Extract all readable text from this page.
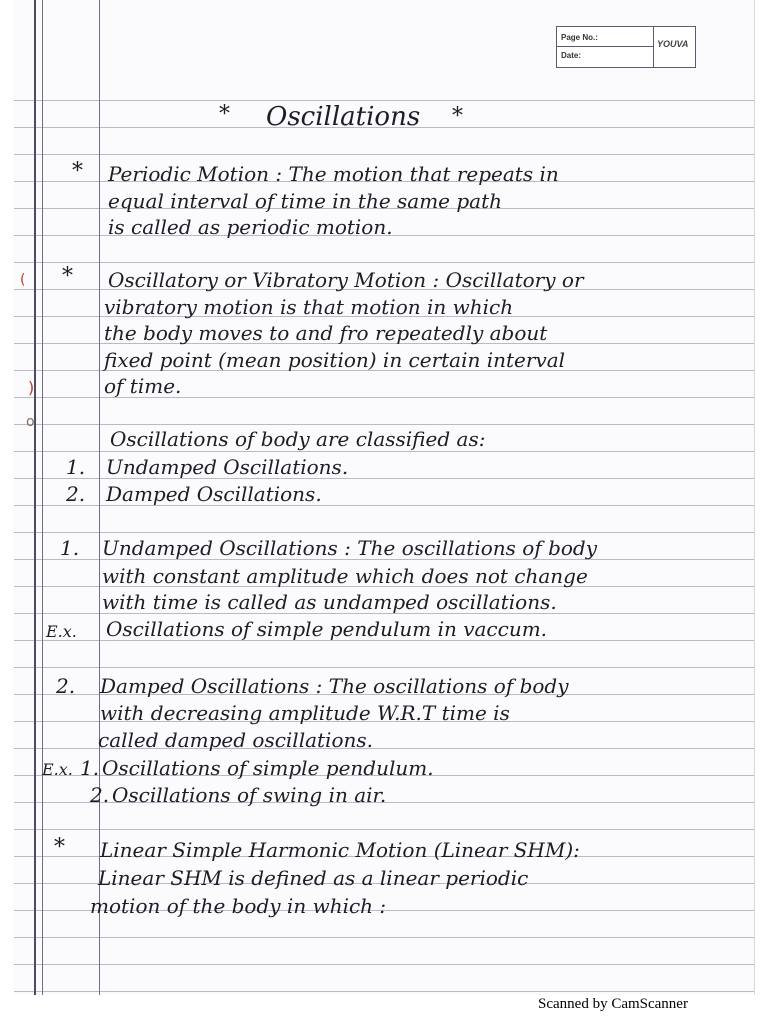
Page No.:
Date:
YOUVA
* Oscillations *
* Periodic Motion : The motion that repeats in
equal interval of time in the same path
is called as periodic motion.
* Oscillatory or Vibratory Motion : Oscillatory or
vibratory motion is that motion in which
the body moves to and fro repeatedly about
fixed point (mean position) in certain interval
of time.
Oscillations of body are classified as:
1. Undamped Oscillations.
2. Damped Oscillations.
1. Undamped Oscillations : The oscillations of body
with constant amplitude which does not change
with time is called as undamped oscillations.
E.x. Oscillations of simple pendulum in vaccum.
2. Damped Oscillations : The oscillations of body
with decreasing amplitude W.R.T time is
called damped oscillations.
E.x. 1. Oscillations of simple pendulum.
2. Oscillations of swing in air.
* Linear Simple Harmonic Motion (Linear SHM):
Linear SHM is defined as a linear periodic
motion of the body in which :
(
)
o
Scanned by CamScanner
